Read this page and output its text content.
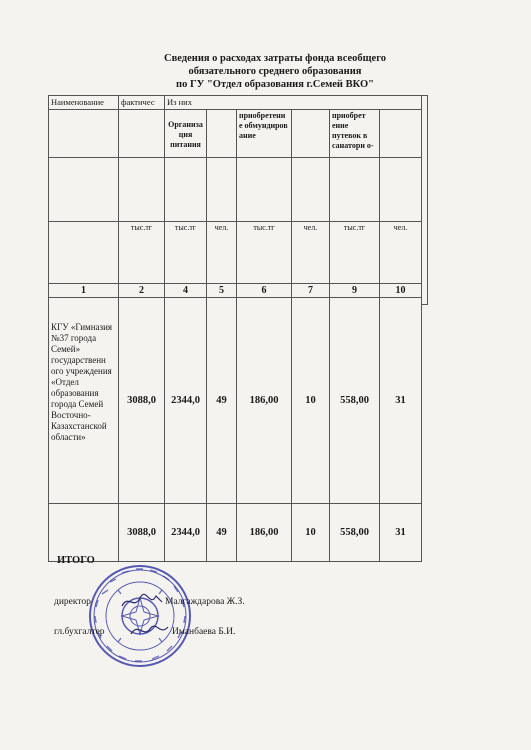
Сведения о расходах затраты фонда всеобщего
обязательного среднего образования
по ГУ "Отдел образования г.Семей ВКО"
Наименование	фактичес	Из них					
		Организа ция питания		приобретени е обмундиров ание		приобрет ение путевок в санатори о-	

	тыс.тг	тыс.тг	чел.	тыс.тг	чел.	тыс.тг	чел.
1	2	4	5	6	7	9	10
КГУ «Гимназия №37 города Семей» государственн ого учреждения «Отдел образования города Семей Восточно-Казахстанской области»	3088,0	2344,0	49	186,00	10	558,00	31
	3088,0	2344,0	49	186,00	10	558,00	31
ИТОГО
директор	Малгаждарова Ж.З.
гл.бухгалтер	Иманбаева Б.И.
